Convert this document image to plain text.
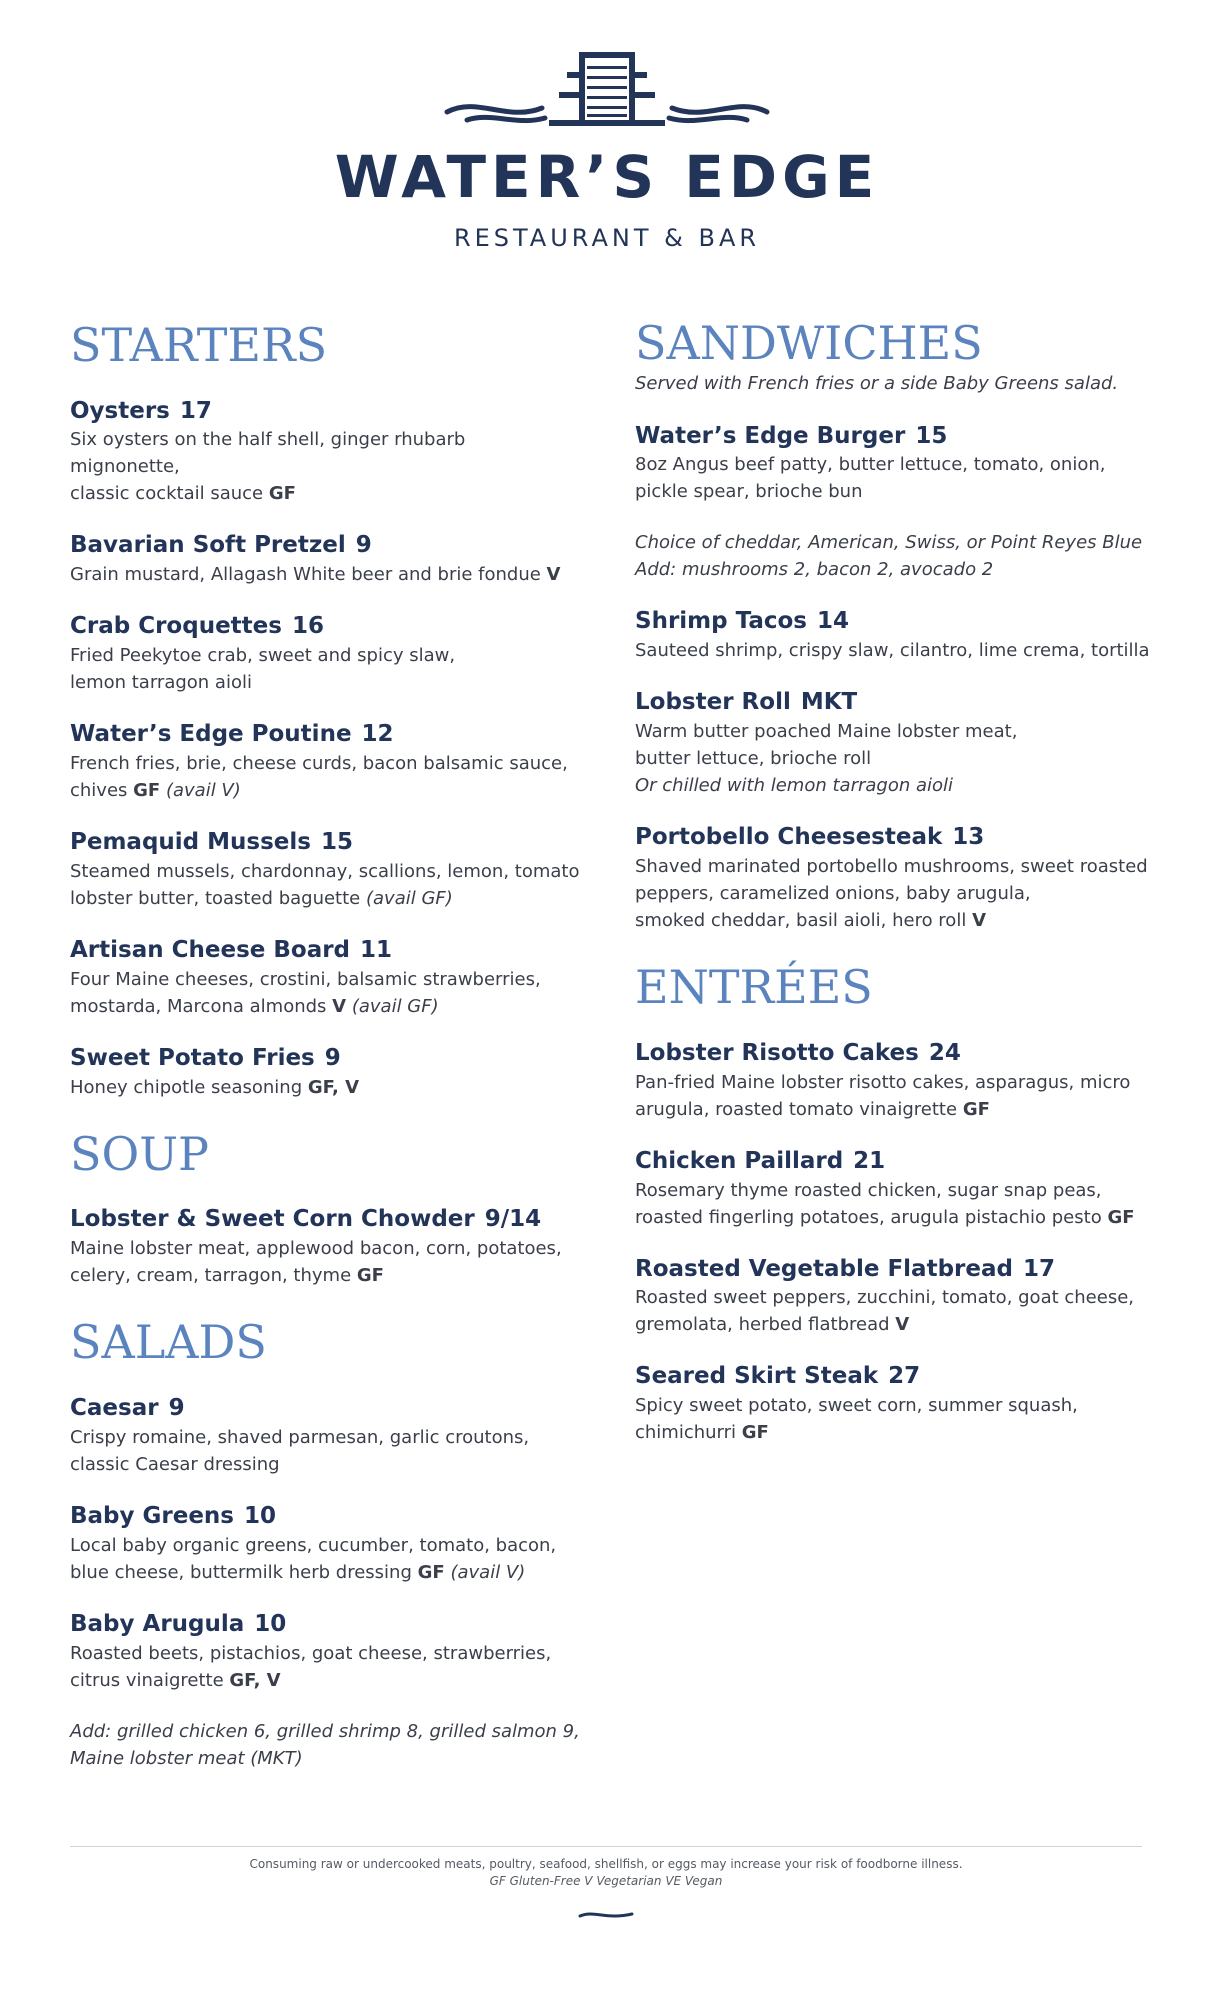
WATER’S EDGE
RESTAURANT & BAR
STARTERS
Oysters 17
Six oysters on the half shell, ginger rhubarb mignonette,
classic cocktail sauce GF
Bavarian Soft Pretzel 9
Grain mustard, Allagash White beer and brie fondue V
Crab Croquettes 16
Fried Peekytoe crab, sweet and spicy slaw,
lemon tarragon aioli
Water’s Edge Poutine 12
French fries, brie, cheese curds, bacon balsamic sauce,
chives GF (avail V)
Pemaquid Mussels 15
Steamed mussels, chardonnay, scallions, lemon, tomato
lobster butter, toasted baguette (avail GF)
Artisan Cheese Board 11
Four Maine cheeses, crostini, balsamic strawberries,
mostarda, Marcona almonds V (avail GF)
Sweet Potato Fries 9
Honey chipotle seasoning GF, V
SOUP
Lobster & Sweet Corn Chowder 9/14
Maine lobster meat, applewood bacon, corn, potatoes,
celery, cream, tarragon, thyme GF
SALADS
Caesar 9
Crispy romaine, shaved parmesan, garlic croutons,
classic Caesar dressing
Baby Greens 10
Local baby organic greens, cucumber, tomato, bacon,
blue cheese, buttermilk herb dressing GF (avail V)
Baby Arugula 10
Roasted beets, pistachios, goat cheese, strawberries,
citrus vinaigrette GF, V
Add: grilled chicken 6, grilled shrimp 8, grilled salmon 9,
Maine lobster meat (MKT)
SANDWICHES
Served with French fries or a side Baby Greens salad.
Water’s Edge Burger 15
8oz Angus beef patty, butter lettuce, tomato, onion,
pickle spear, brioche bun
Choice of cheddar, American, Swiss, or Point Reyes Blue
Add: mushrooms 2, bacon 2, avocado 2
Shrimp Tacos 14
Sauteed shrimp, crispy slaw, cilantro, lime crema, tortilla
Lobster Roll MKT
Warm butter poached Maine lobster meat,
butter lettuce, brioche roll
Or chilled with lemon tarragon aioli
Portobello Cheesesteak 13
Shaved marinated portobello mushrooms, sweet roasted
peppers, caramelized onions, baby arugula,
smoked cheddar, basil aioli, hero roll V
ENTRÉES
Lobster Risotto Cakes 24
Pan-fried Maine lobster risotto cakes, asparagus, micro
arugula, roasted tomato vinaigrette GF
Chicken Paillard 21
Rosemary thyme roasted chicken, sugar snap peas,
roasted fingerling potatoes, arugula pistachio pesto GF
Roasted Vegetable Flatbread 17
Roasted sweet peppers, zucchini, tomato, goat cheese,
gremolata, herbed flatbread V
Seared Skirt Steak 27
Spicy sweet potato, sweet corn, summer squash,
chimichurri GF
Consuming raw or undercooked meats, poultry, seafood, shellfish, or eggs may increase your risk of foodborne illness.
GF Gluten-Free V Vegetarian VE Vegan
